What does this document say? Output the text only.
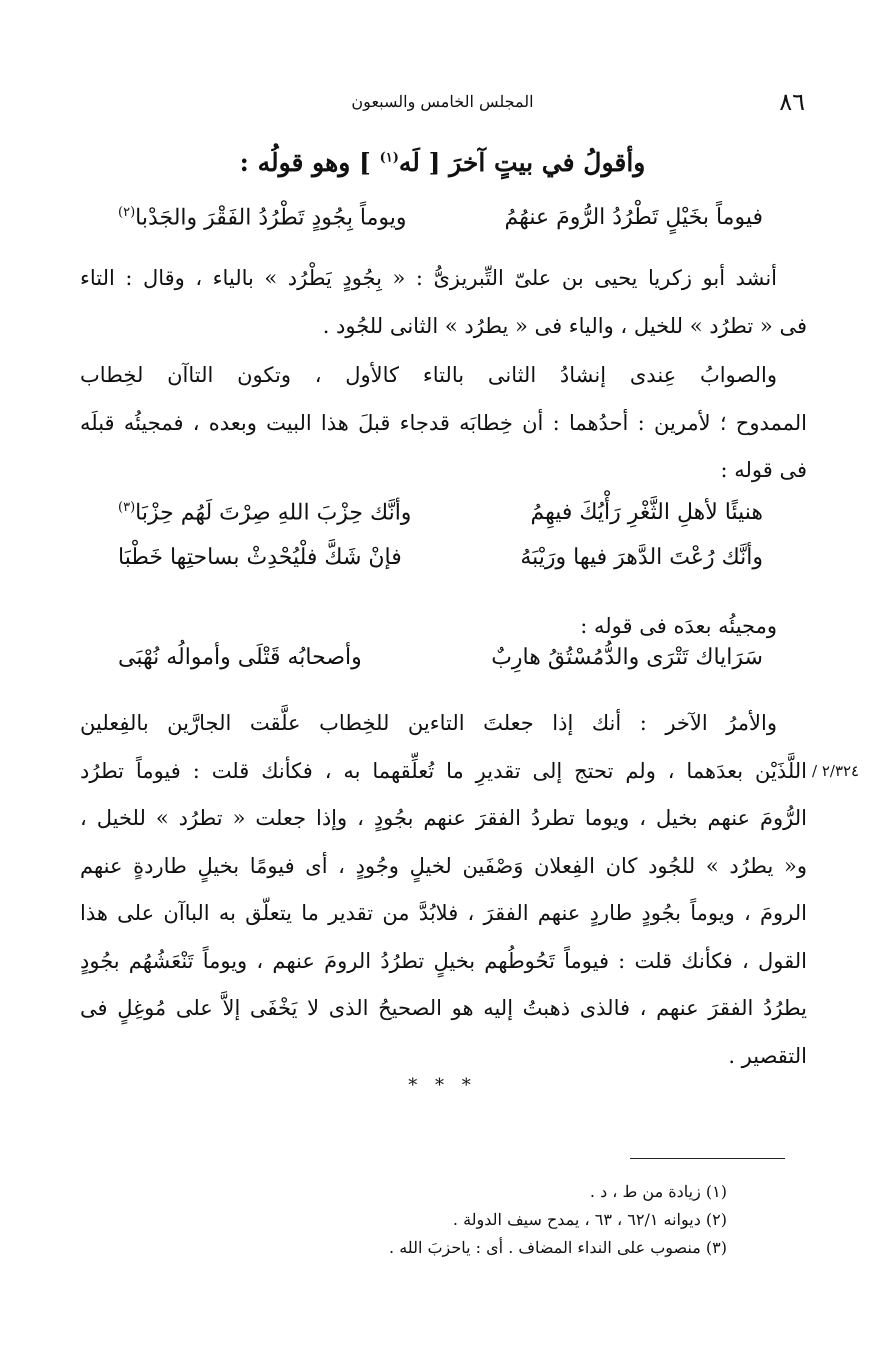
٨٦
المجلس الخامس والسبعون
وأقولُ في بيتٍ آخرَ [ لَه$^{(١)}$ ] وهو قولُه :
فيوماً بخَيْلٍ تَطْرُدُ الرُّومَ عنهُمُ
ويوماً بِجُودٍ تَطْرُدُ الفَقْرَ والجَدْبا$^{(٢)}$
أنشد أبو زكريا يحيى بن علىّ التِّبريزىُّ : « بِجُودٍ يَطْرُد » بالياء ، وقال : التاء
فى « تطرُد » للخيل ، والياء فى « يطرُد » الثانى للجُود .
والصوابُ عِندى إنشادُ الثانى بالتاء كالأول ، وتكون التاآن لخِطاب
الممدوح ؛ لأمرين : أحدُهما : أن خِطابَه قدجاء قبلَ هذا البيت وبعده ، فمجيئُه قبلَه
فى قوله :
هنيئًا لأهلِ الثَّغْرِ رَأْيُكَ فيهِمُ
وأنَّك حِزْبَ اللهِ صِرْتَ لَهُم حِزْبَا$^{(٣)}$
وأنَّك رُعْتَ الدَّهرَ فيها ورَيْبَهُ
فإنْ شَكَّ فلْيُحْدِثْ بساحتِها خَطْبَا
ومجيئُه بعدَه فى قوله :
سَرَاياك تَتْرَى والدُّمُسْتُقُ هارِبٌ
وأصحابُه قَتْلَى وأموالُه نُهْبَى
والأمرُ الآخر : أنك إذا جعلتَ التاءين للخِطاب علَّقت الجارَّين بالفِعلين
اللَّذَيْن بعدَهما ، ولم تحتج إلى تقديرِ ما تُعلِّقهما به ، فكأنك قلت : فيوماً تطرُد
الرُّومَ عنهم بخيل ، ويوما تطردُ الفقرَ عنهم بجُودٍ ، وإذا جعلت « تطرُد » للخيل ،
و« يطرُد » للجُود كان الفِعلان وَصْفَين لخيلٍ وجُودٍ ، أى فيومًا بخيلٍ طاردةٍ عنهم
الرومَ ، ويوماً بجُودٍ طاردٍ عنهم الفقرَ ، فلابُدَّ من تقدير ما يتعلّق به الباآن على هذا
القول ، فكأنك قلت : فيوماً تَحُوطُهم بخيلٍ تطرُدُ الرومَ عنهم ، ويوماً تَنْعَشُهُم بجُودٍ
يطرُدُ الفقرَ عنهم ، فالذى ذهبتُ إليه هو الصحيحُ الذى لا يَخْفَى إلاَّ على مُوغِلٍ فى
التقصير .
٢/٣٢٤ /
* * *
(١) زيادة من ط ، د .
(٢) ديوانه ٦٢/١ ، ٦٣ ، يمدح سيف الدولة .
(٣) منصوب على النداء المضاف . أى : ياحزبَ الله .
